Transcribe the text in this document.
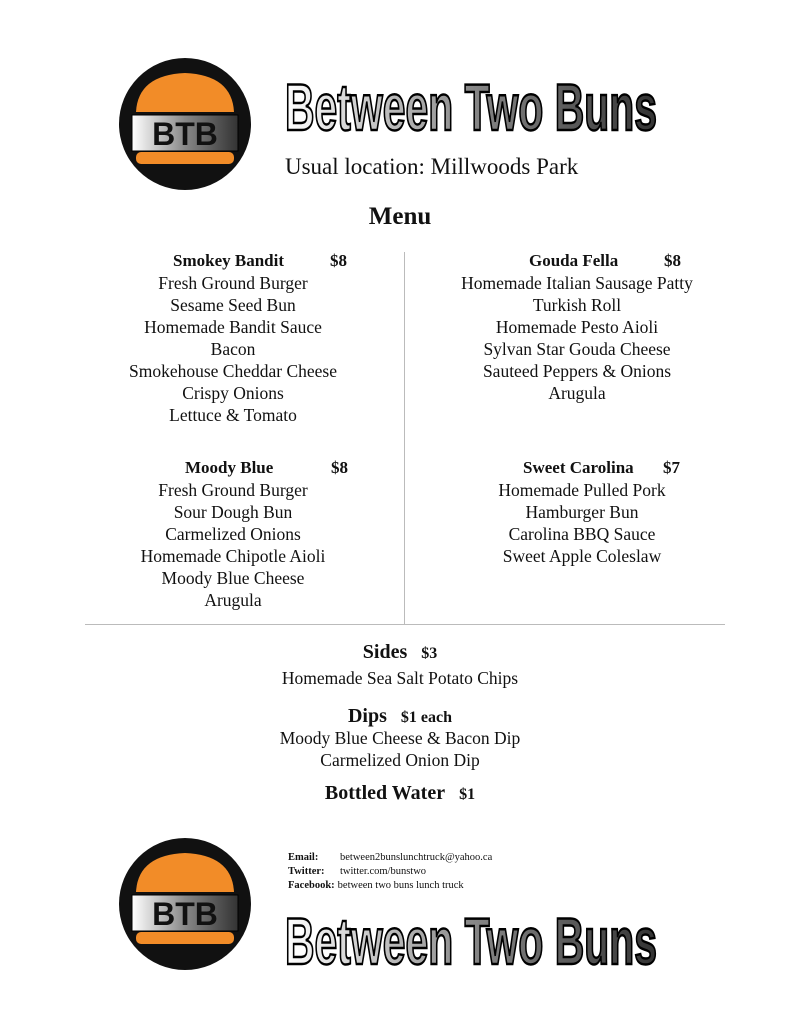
BTB Between Two Buns
Usual location: Millwoods Park
Menu
Smokey Bandit	$8
Fresh Ground Burger
Sesame Seed Bun
Homemade Bandit Sauce
Bacon
Smokehouse Cheddar Cheese
Crispy Onions
Lettuce & Tomato
Gouda Fella	$8
Homemade Italian Sausage Patty
Turkish Roll
Homemade Pesto Aioli
Sylvan Star Gouda Cheese
Sauteed Peppers & Onions
Arugula
Moody Blue	$8
Fresh Ground Burger
Sour Dough Bun
Carmelized Onions
Homemade Chipotle Aioli
Moody Blue Cheese
Arugula
Sweet Carolina $7
Homemade Pulled Pork
Hamburger Bun
Carolina BBQ Sauce
Sweet Apple Coleslaw
Sides $3
Homemade Sea Salt Potato Chips
Dips $1 each
Moody Blue Cheese & Bacon Dip
Carmelized Onion Dip
Bottled Water $1
BTB
Email: between2bunslunchtruck@yahoo.ca
Twitter: twitter.com/bunstwo
Facebook: between two buns lunch truck
Between Two Buns
